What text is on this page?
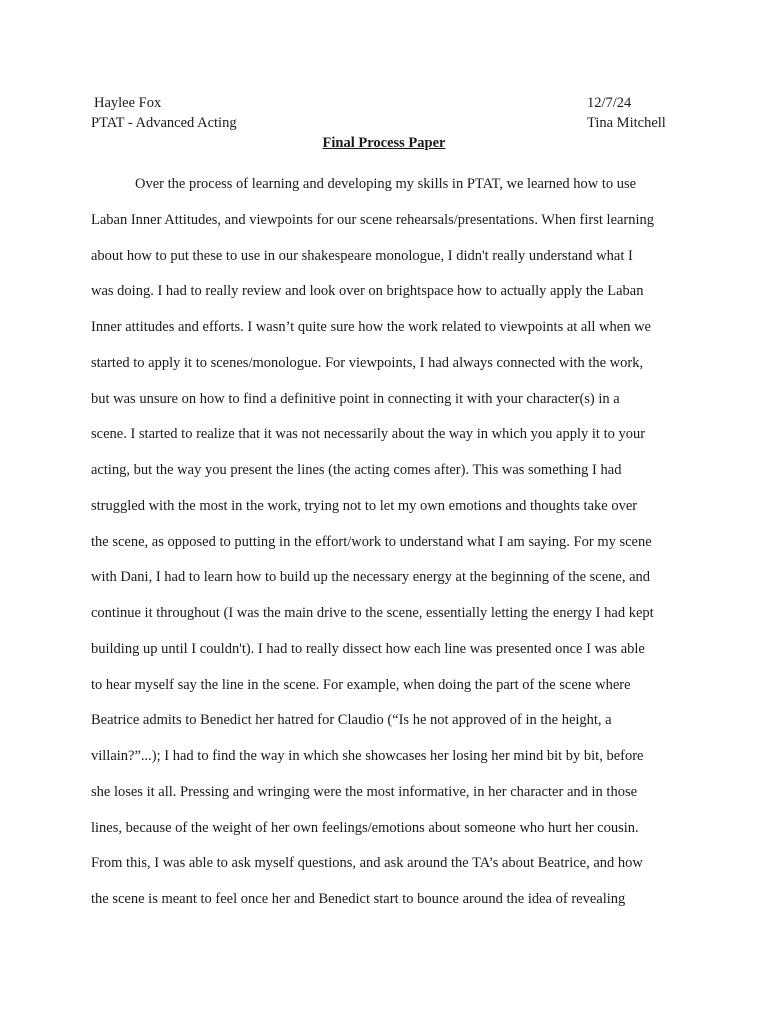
Haylee Fox
PTAT - Advanced Acting
12/7/24
Tina Mitchell
Final Process Paper
Over the process of learning and developing my skills in PTAT, we learned how to use
Laban Inner Attitudes, and viewpoints for our scene rehearsals/presentations. When first learning
about how to put these to use in our shakespeare monologue, I didn't really understand what I
was doing. I had to really review and look over on brightspace how to actually apply the Laban
Inner attitudes and efforts. I wasn’t quite sure how the work related to viewpoints at all when we
started to apply it to scenes/monologue. For viewpoints, I had always connected with the work,
but was unsure on how to find a definitive point in connecting it with your character(s) in a
scene. I started to realize that it was not necessarily about the way in which you apply it to your
acting, but the way you present the lines (the acting comes after). This was something I had
struggled with the most in the work, trying not to let my own emotions and thoughts take over
the scene, as opposed to putting in the effort/work to understand what I am saying. For my scene
with Dani, I had to learn how to build up the necessary energy at the beginning of the scene, and
continue it throughout (I was the main drive to the scene, essentially letting the energy I had kept
building up until I couldn't). I had to really dissect how each line was presented once I was able
to hear myself say the line in the scene. For example, when doing the part of the scene where
Beatrice admits to Benedict her hatred for Claudio (“Is he not approved of in the height, a
villain?”...); I had to find the way in which she showcases her losing her mind bit by bit, before
she loses it all. Pressing and wringing were the most informative, in her character and in those
lines, because of the weight of her own feelings/emotions about someone who hurt her cousin.
From this, I was able to ask myself questions, and ask around the TA’s about Beatrice, and how
the scene is meant to feel once her and Benedict start to bounce around the idea of revealing
